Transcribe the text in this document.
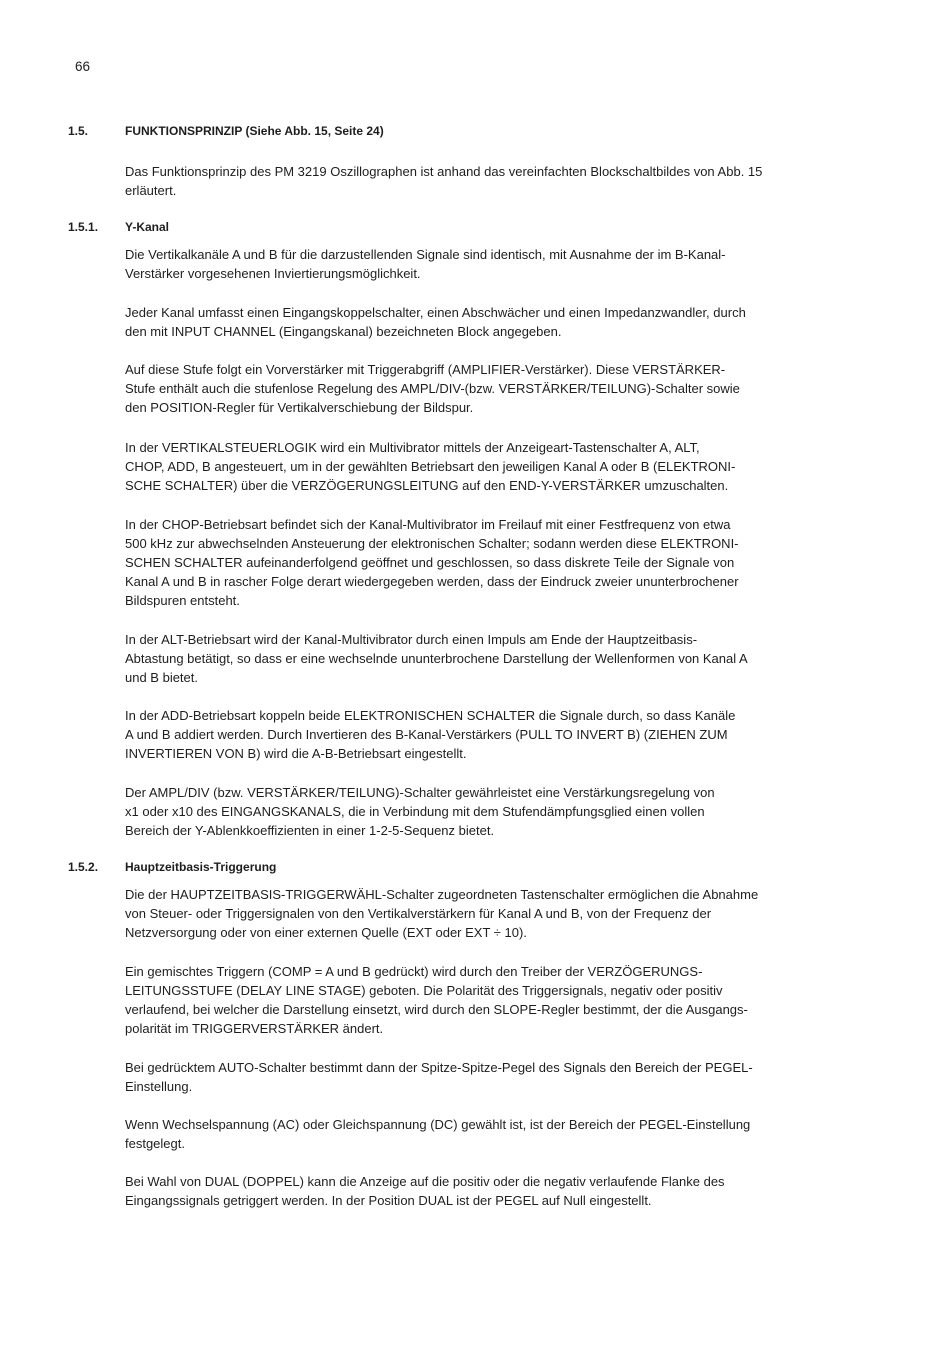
66
1.5.	FUNKTIONSPRINZIP (Siehe Abb. 15, Seite 24)
Das Funktionsprinzip des PM 3219 Oszillographen ist anhand das vereinfachten Blockschaltbildes von Abb. 15
erläutert.
1.5.1. Y-Kanal
Die Vertikalkanäle A und B für die darzustellenden Signale sind identisch, mit Ausnahme der im B-Kanal-
Verstärker vorgesehenen Inviertierungsmöglichkeit.
Jeder Kanal umfasst einen Eingangskoppelschalter, einen Abschwächer und einen Impedanzwandler, durch
den mit INPUT CHANNEL (Eingangskanal) bezeichneten Block angegeben.
Auf diese Stufe folgt ein Vorverstärker mit Triggerabgriff (AMPLIFIER-Verstärker). Diese VERSTÄRKER-
Stufe enthält auch die stufenlose Regelung des AMPL/DIV-(bzw. VERSTÄRKER/TEILUNG)-Schalter sowie
den POSITION-Regler für Vertikalverschiebung der Bildspur.
In der VERTIKALSTEUERLOGIK wird ein Multivibrator mittels der Anzeigeart-Tastenschalter A, ALT,
CHOP, ADD, B angesteuert, um in der gewählten Betriebsart den jeweiligen Kanal A oder B (ELEKTRONI-
SCHE SCHALTER) über die VERZÖGERUNGSLEITUNG auf den END-Y-VERSTÄRKER umzuschalten.
In der CHOP-Betriebsart befindet sich der Kanal-Multivibrator im Freilauf mit einer Festfrequenz von etwa
500 kHz zur abwechselnden Ansteuerung der elektronischen Schalter; sodann werden diese ELEKTRONI-
SCHEN SCHALTER aufeinanderfolgend geöffnet und geschlossen, so dass diskrete Teile der Signale von
Kanal A und B in rascher Folge derart wiedergegeben werden, dass der Eindruck zweier ununterbrochener
Bildspuren entsteht.
In der ALT-Betriebsart wird der Kanal-Multivibrator durch einen Impuls am Ende der Hauptzeitbasis-
Abtastung betätigt, so dass er eine wechselnde ununterbrochene Darstellung der Wellenformen von Kanal A
und B bietet.
In der ADD-Betriebsart koppeln beide ELEKTRONISCHEN SCHALTER die Signale durch, so dass Kanäle
A und B addiert werden. Durch Invertieren des B-Kanal-Verstärkers (PULL TO INVERT B) (ZIEHEN ZUM
INVERTIEREN VON B) wird die A-B-Betriebsart eingestellt.
Der AMPL/DIV (bzw. VERSTÄRKER/TEILUNG)-Schalter gewährleistet eine Verstärkungsregelung von
x1 oder x10 des EINGANGSKANALS, die in Verbindung mit dem Stufendämpfungsglied einen vollen
Bereich der Y-Ablenkkoeffizienten in einer 1-2-5-Sequenz bietet.
1.5.2. Hauptzeitbasis-Triggerung
Die der HAUPTZEITBASIS-TRIGGERWÄHL-Schalter zugeordneten Tastenschalter ermöglichen die Abnahme
von Steuer- oder Triggersignalen von den Vertikalverstärkern für Kanal A und B, von der Frequenz der
Netzversorgung oder von einer externen Quelle (EXT oder EXT ÷ 10).
Ein gemischtes Triggern (COMP = A und B gedrückt) wird durch den Treiber der VERZÖGERUNGS-
LEITUNGSSTUFE (DELAY LINE STAGE) geboten. Die Polarität des Triggersignals, negativ oder positiv
verlaufend, bei welcher die Darstellung einsetzt, wird durch den SLOPE-Regler bestimmt, der die Ausgangs-
polarität im TRIGGERVERSTÄRKER ändert.
Bei gedrücktem AUTO-Schalter bestimmt dann der Spitze-Spitze-Pegel des Signals den Bereich der PEGEL-
Einstellung.
Wenn Wechselspannung (AC) oder Gleichspannung (DC) gewählt ist, ist der Bereich der PEGEL-Einstellung
festgelegt.
Bei Wahl von DUAL (DOPPEL) kann die Anzeige auf die positiv oder die negativ verlaufende Flanke des
Eingangssignals getriggert werden. In der Position DUAL ist der PEGEL auf Null eingestellt.
